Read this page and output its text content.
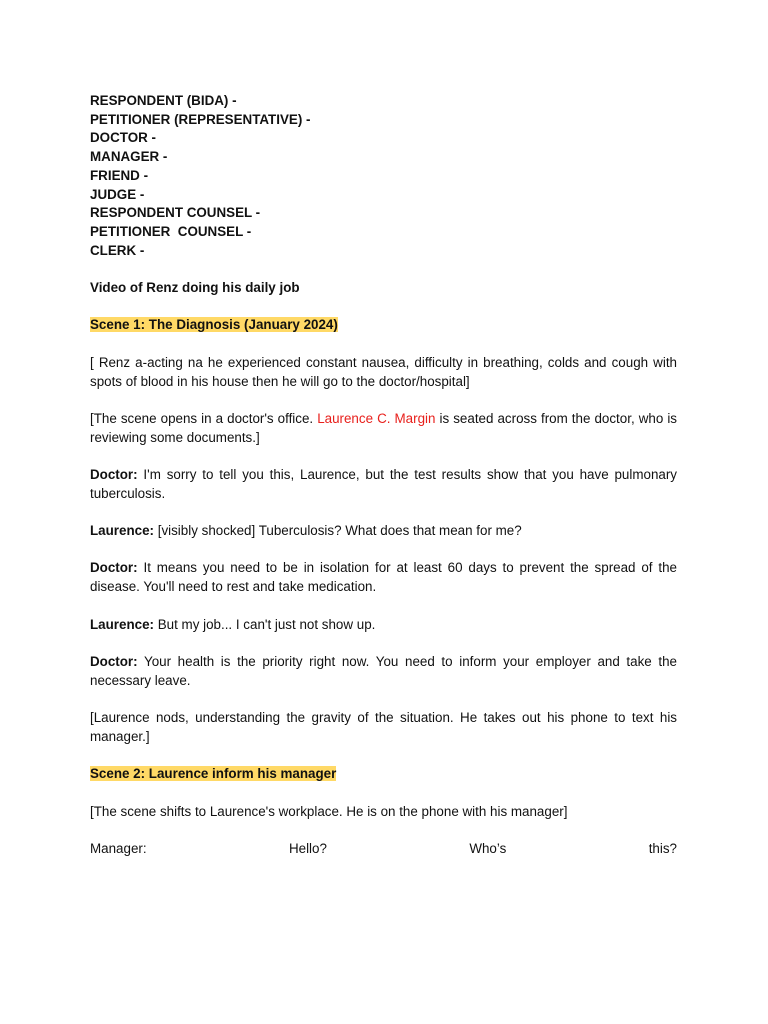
RESPONDENT (BIDA) -
PETITIONER (REPRESENTATIVE) -
DOCTOR -
MANAGER -
FRIEND -
JUDGE -
RESPONDENT COUNSEL -
PETITIONER  COUNSEL -
CLERK -
Video of Renz doing his daily job
Scene 1: The Diagnosis (January 2024)
[ Renz a-acting na he experienced constant nausea, difficulty in breathing, colds and cough with spots of blood in his house then he will go to the doctor/hospital]
[The scene opens in a doctor's office. Laurence C. Margin is seated across from the doctor, who is reviewing some documents.]
Doctor: I'm sorry to tell you this, Laurence, but the test results show that you have pulmonary tuberculosis.
Laurence: [visibly shocked] Tuberculosis? What does that mean for me?
Doctor: It means you need to be in isolation for at least 60 days to prevent the spread of the disease. You'll need to rest and take medication.
Laurence: But my job... I can't just not show up.
Doctor: Your health is the priority right now. You need to inform your employer and take the necessary leave.
[Laurence nods, understanding the gravity of the situation. He takes out his phone to text his manager.]
Scene 2: Laurence inform his manager
[The scene shifts to Laurence's workplace. He is on the phone with his manager]
Manager:	Hello?	Who’s	this?
